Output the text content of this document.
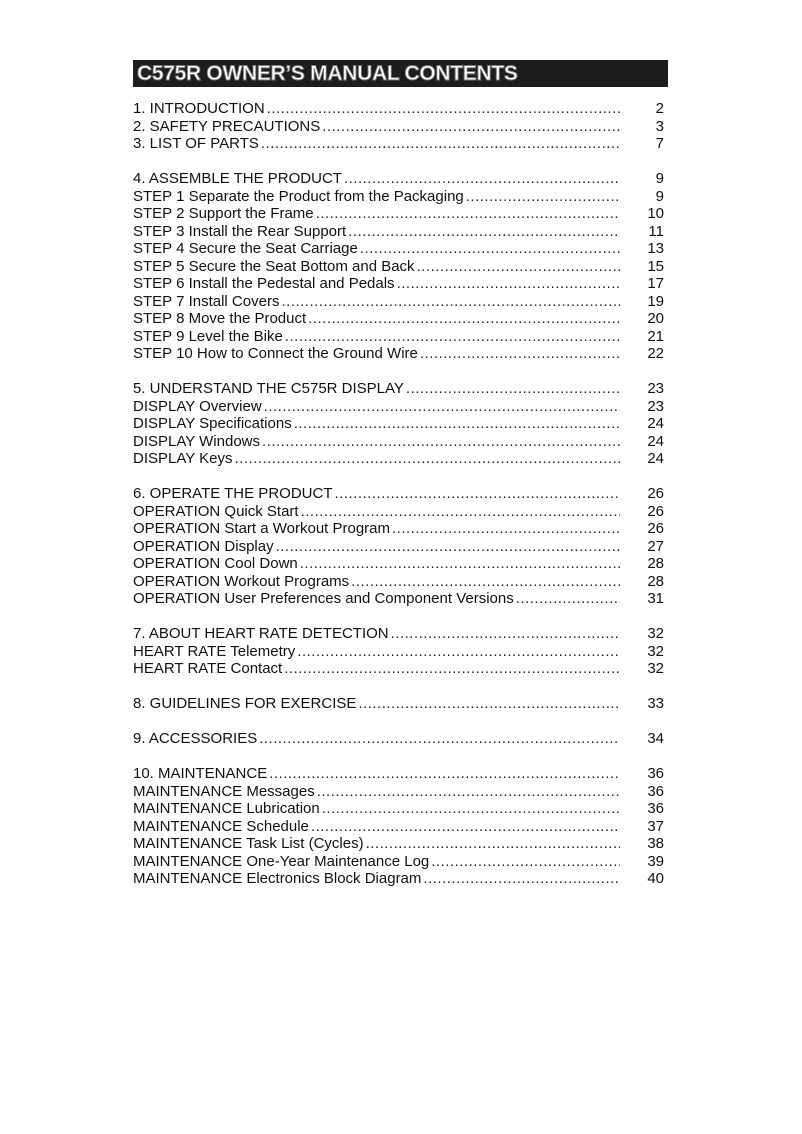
C575R OWNER’S MANUAL CONTENTS
1. INTRODUCTION .....	2
2. SAFETY PRECAUTIONS .....	3
3. LIST OF PARTS .....	7
4. ASSEMBLE THE PRODUCT .....	9
STEP 1 Separate the Product from the Packaging .....	9
STEP 2 Support the Frame .....	10
STEP 3 Install the Rear Support .....	11
STEP 4 Secure the Seat Carriage .....	13
STEP 5 Secure the Seat Bottom and Back .....	15
STEP 6 Install the Pedestal and Pedals .....	17
STEP 7 Install Covers .....	19
STEP 8 Move the Product .....	20
STEP 9 Level the Bike .....	21
STEP 10 How to Connect the Ground Wire .....	22
5. UNDERSTAND THE C575R DISPLAY .....	23
DISPLAY Overview .....	23
DISPLAY Specifications .....	24
DISPLAY Windows .....	24
DISPLAY Keys .....	24
6. OPERATE THE PRODUCT .....	26
OPERATION Quick Start .....	26
OPERATION Start a Workout Program .....	26
OPERATION Display .....	27
OPERATION Cool Down .....	28
OPERATION Workout Programs .....	28
OPERATION User Preferences and Component Versions .....	31
7. ABOUT HEART RATE DETECTION .....	32
HEART RATE Telemetry .....	32
HEART RATE Contact .....	32
8. GUIDELINES FOR EXERCISE .....	33
9. ACCESSORIES .....	34
10. MAINTENANCE .....	36
MAINTENANCE Messages .....	36
MAINTENANCE Lubrication .....	36
MAINTENANCE Schedule .....	37
MAINTENANCE Task List (Cycles) .....	38
MAINTENANCE One-Year Maintenance Log .....	39
MAINTENANCE Electronics Block Diagram .....	40
